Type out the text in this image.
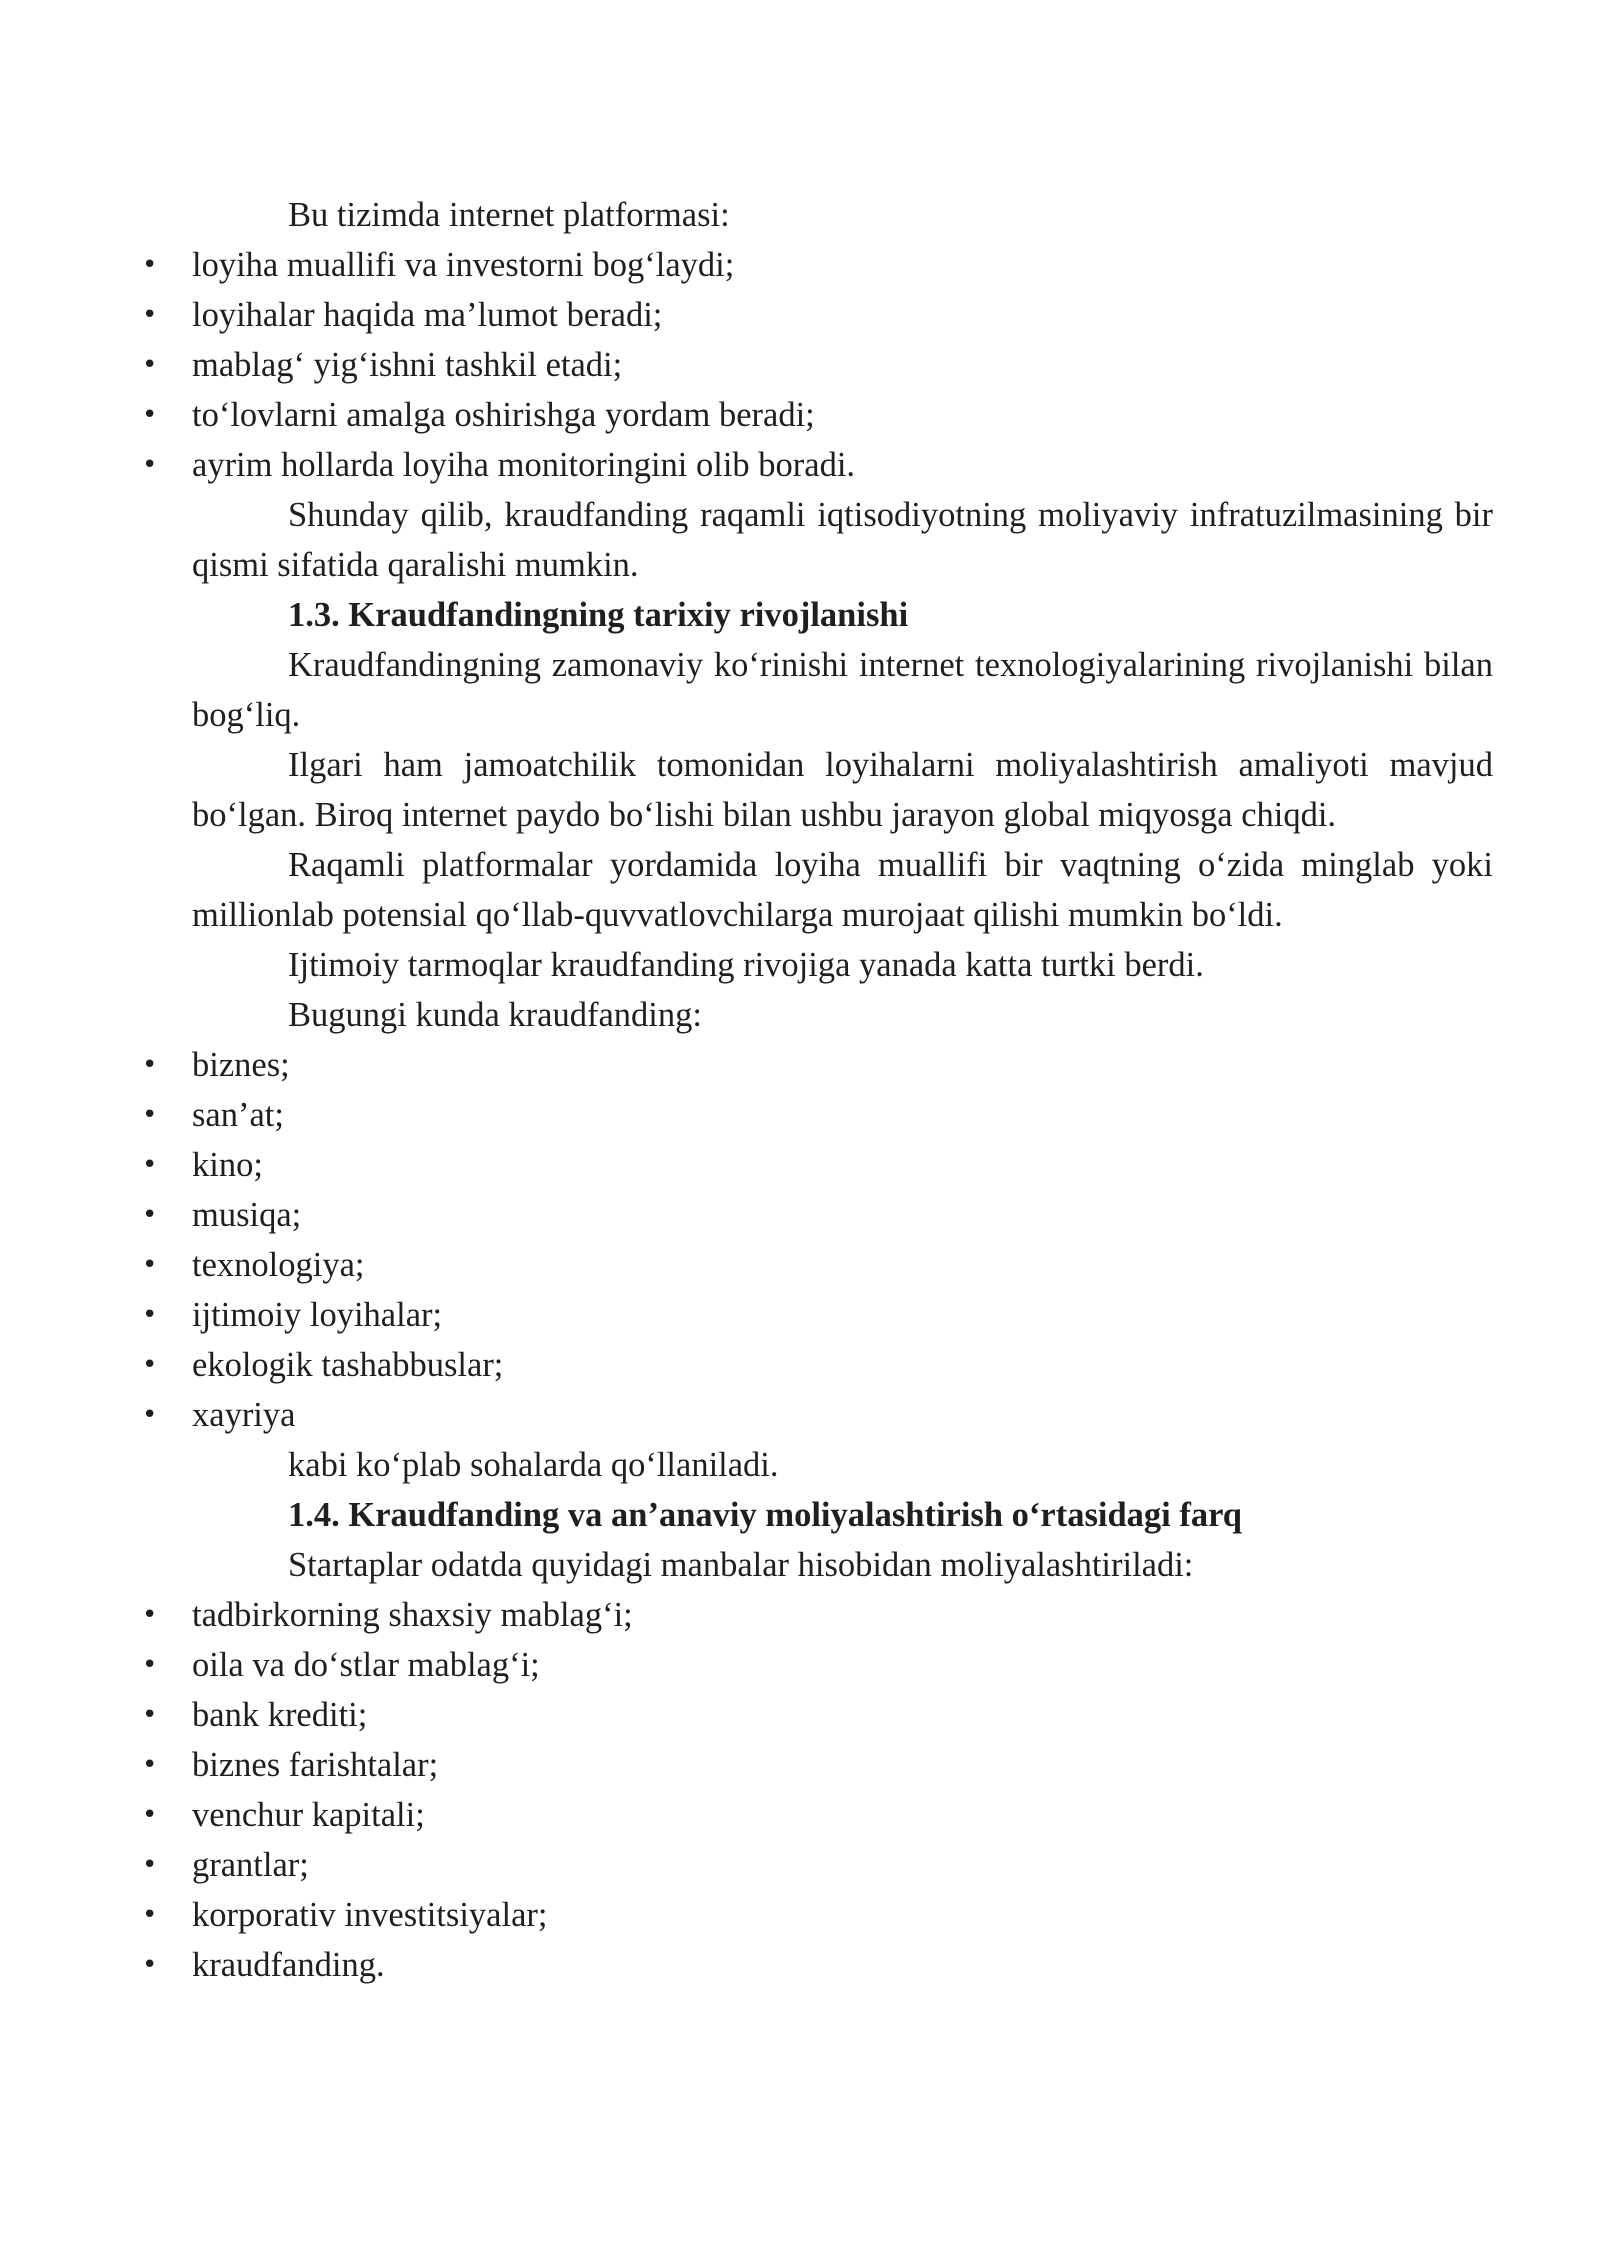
Bu tizimda internet platformasi:

• loyiha muallifi va investorni bog‘laydi;
• loyihalar haqida ma’lumot beradi;
• mablag‘ yig‘ishni tashkil etadi;
• to‘lovlarni amalga oshirishga yordam beradi;
• ayrim hollarda loyiha monitoringini olib boradi.

Shunday qilib, kraudfanding raqamli iqtisodiyotning moliyaviy infratuzilmasining bir qismi sifatida qaralishi mumkin.

1.3. Kraudfandingning tarixiy rivojlanishi

Kraudfandingning zamonaviy ko‘rinishi internet texnologiyalarining rivojlanishi bilan bog‘liq.

Ilgari ham jamoatchilik tomonidan loyihalarni moliyalashtirish amaliyoti mavjud bo‘lgan. Biroq internet paydo bo‘lishi bilan ushbu jarayon global miqyosga chiqdi.

Raqamli platformalar yordamida loyiha muallifi bir vaqtning o‘zida minglab yoki millionlab potensial qo‘llab-quvvatlovchilarga murojaat qilishi mumkin bo‘ldi.

Ijtimoiy tarmoqlar kraudfanding rivojiga yanada katta turtki berdi.

Bugungi kunda kraudfanding:

• biznes;
• san’at;
• kino;
• musiqa;
• texnologiya;
• ijtimoiy loyihalar;
• ekologik tashabbuslar;
• xayriya

kabi ko‘plab sohalarda qo‘llaniladi.

1.4. Kraudfanding va an’anaviy moliyalashtirish o‘rtasidagi farq

Startaplar odatda quyidagi manbalar hisobidan moliyalashtiriladi:

• tadbirkorning shaxsiy mablag‘i;
• oila va do‘stlar mablag‘i;
• bank krediti;
• biznes farishtalar;
• venchur kapitali;
• grantlar;
• korporativ investitsiyalar;
• kraudfanding.
